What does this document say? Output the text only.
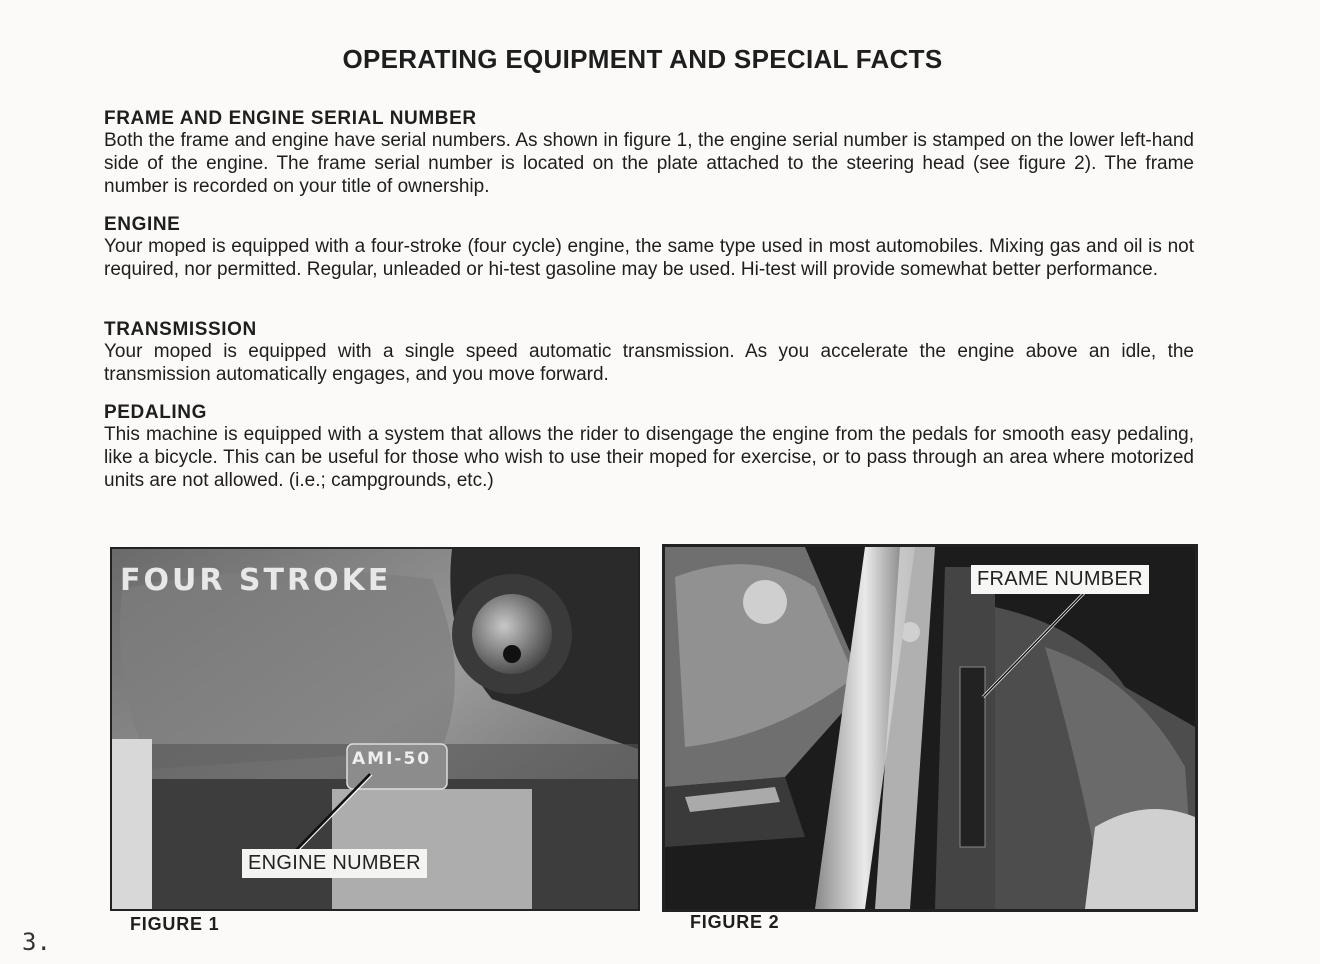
OPERATING EQUIPMENT AND SPECIAL FACTS
FRAME AND ENGINE SERIAL NUMBER

Both the frame and engine have serial numbers. As shown in figure 1, the engine serial number is stamped on the lower left-hand side of the engine. The frame serial number is located on the plate attached to the steering head (see figure 2). The frame number is recorded on your title of ownership.

ENGINE

Your moped is equipped with a four-stroke (four cycle) engine, the same type used in most automobiles. Mixing gas and oil is not required, nor permitted. Regular, unleaded or hi-test gasoline may be used. Hi-test will provide somewhat better performance.

TRANSMISSION

Your moped is equipped with a single speed automatic transmission. As you accelerate the engine above an idle, the transmission automatically engages, and you move forward.

PEDALING

This machine is equipped with a system that allows the rider to disengage the engine from the pedals for smooth easy pedaling, like a bicycle. This can be useful for those who wish to use their moped for exercise, or to pass through an area where motorized units are not allowed. (i.e.; campgrounds, etc.)

FOUR STROKE
AMI-50
ENGINE NUMBER
FIGURE 1
FRAME NUMBER
FIGURE 2
3.
